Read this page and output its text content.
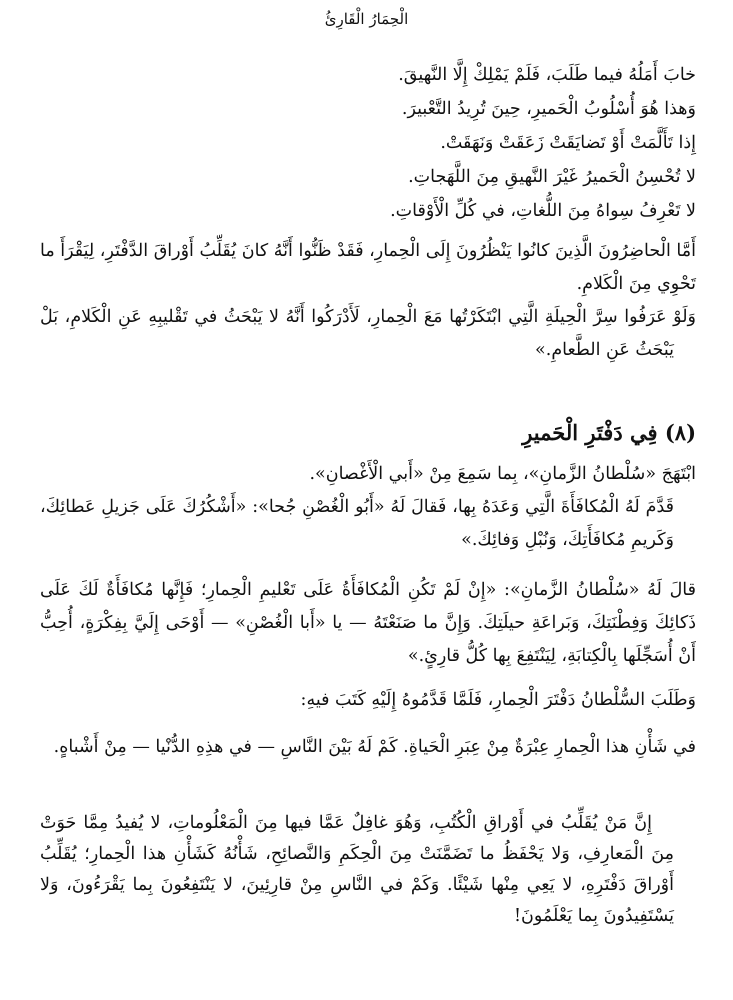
الْحِمَارُ الْقَارِئُ

خابَ أَمَلُهُ فيما طَلَبَ، فَلَمْ يَمْلِكْ إِلَّا النَّهيقَ.

وَهذا هُوَ أُسْلُوبُ الْحَميرِ، حِينَ تُرِيدُ التَّعْبيرَ.

إِذا تَأَلَّمَتْ أَوْ تَضايَقَتْ زَعَقَتْ وَنَهَقَتْ.

لا تُحْسِنُ الْحَميرُ غَيْرَ النَّهيقِ مِنَ اللَّهَجاتِ.

لا تَعْرِفُ سِواهُ مِنَ اللُّغاتِ، في كُلِّ الْأَوْقاتِ.

أَمَّا الْحاضِرُونَ الَّذِينَ كانُوا يَنْظُرُونَ إِلَى الْحِمارِ، فَقَدْ ظَنُّوا أَنَّهُ كانَ يُقَلِّبُ أَوْراقَ الدَّفْتَرِ، لِيَقْرَأَ ما تَحْوِي مِنَ الْكَلامِ.

وَلَوْ عَرَفُوا سِرَّ الْحِيلَةِ الَّتِي ابْتَكَرْتُها مَعَ الْحِمارِ، لَأَدْرَكُوا أَنَّهُ لا يَبْحَثُ في تَقْليبِهِ عَنِ الْكَلامِ، بَلْ يَبْحَثُ عَنِ الطَّعامِ.»

(٨) فِي دَفْتَرِ الْحَميرِ

ابْتَهَجَ «سُلْطانُ الزَّمانِ»، بِما سَمِعَ مِنْ «أَبي الْأَغْصانِ».

قَدَّمَ لَهُ الْمُكافَأَةَ الَّتِي وَعَدَهُ بِها، فَقالَ لَهُ «أَبُو الْغُصْنِ جُحا»: «أَشْكُرُكَ عَلَى جَزيلِ عَطائِكَ، وَكَريمِ مُكافَأَتِكَ، وَنُبْلِ وَفائِكَ.»

قالَ لَهُ «سُلْطانُ الزَّمانِ»: «إِنْ لَمْ تَكُنِ الْمُكافَأَةُ عَلَى تَعْليمِ الْحِمارِ؛ فَإِنَّها مُكافَأَةٌ لَكَ عَلَى ذَكائِكَ وَفِطْنَتِكَ، وَبَراعَةِ حيلَتِكَ. وَإِنَّ ما صَنَعْتَهُ — يا «أَبا الْغُصْنِ» — أَوْحَى إِلَيَّ بِفِكْرَةٍ، أُحِبُّ أَنْ أُسَجِّلَها بِالْكِتابَةِ، لِيَنْتَفِعَ بِها كُلُّ قارِئٍ.»

وَطَلَبَ السُّلْطانُ دَفْتَرَ الْحِمارِ، فَلَمَّا قَدَّمُوهُ إِلَيْهِ كَتَبَ فيهِ:

في شَأْنِ هذا الْحِمارِ عِبْرَةٌ مِنْ عِبَرِ الْحَياةِ. كَمْ لَهُ بَيْنَ النَّاسِ — في هذِهِ الدُّنْيا — مِنْ أَشْباهٍ.

إِنَّ مَنْ يُقَلِّبُ في أَوْراقِ الْكُتُبِ، وَهُوَ غافِلٌ عَمَّا فيها مِنَ الْمَعْلُوماتِ، لا يُفيدُ مِمَّا حَوَتْ مِنَ الْمَعارِفِ، وَلا يَحْفَظُ ما تَضَمَّنَتْ مِنَ الْحِكَمِ وَالنَّصائِحِ، شَأْنُهُ كَشَأْنِ هذا الْحِمارِ؛ يُقَلِّبُ أَوْراقَ دَفْتَرِهِ، لا يَعِي مِنْها شَيْئًا. وَكَمْ في النَّاسِ مِنْ قارِئِينَ، لا يَنْتَفِعُونَ بِما يَقْرَءُونَ، وَلا يَسْتَفِيدُونَ بِما يَعْلَمُونَ!
